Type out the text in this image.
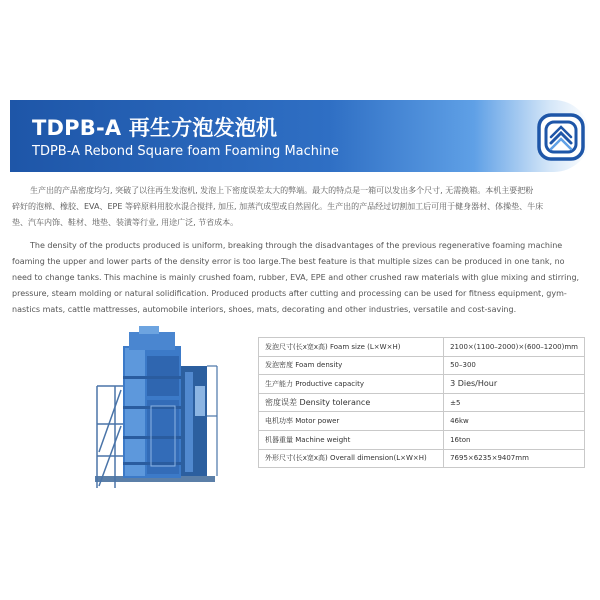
TDPB-A 再生方泡发泡机
TDPB-A Rebond Square foam Foaming Machine
生产出的产品密度均匀, 突破了以往再生发泡机, 发泡上下密度误差太大的弊端。最大的特点是一箱可以发出多个尺寸, 无需换箱。本机主要把粉
碎好的泡棉、橡胶、EVA、EPE 等碎原料用胶水混合搅拌, 加压, 加蒸汽成型或自然固化。生产出的产品经过切割加工后可用于健身器材、体操垫、牛床
垫、汽车内饰、鞋材、地垫、装潢等行业, 用途广泛, 节省成本。
The density of the products produced is uniform, breaking through the disadvantages of the previous regenerative foaming machine
foaming the upper and lower parts of the density error is too large.The best feature is that multiple sizes can be produced in one tank, no
need to change tanks. This machine is mainly crushed foam, rubber, EVA, EPE and other crushed raw materials with glue mixing and stirring,
pressure, steam molding or natural solidification. Produced products after cutting and processing can be used for fitness equipment, gym-
nastics mats, cattle mattresses, automobile interiors, shoes, mats, decorating and other industries, versatile and cost-saving.
发泡尺寸(长x宽x高) Foam size (L×W×H)	2100×(1100–2000)×(600–1200)mm
发泡密度 Foam density	50–300
生产能力 Productive capacity	3 Dies/Hour
密度误差 Density tolerance	±5
电机功率 Motor power	46kw
机器重量 Machine weight	16ton
外形尺寸(长x宽x高) Overall dimension(L×W×H)	7695×6235×9407mm
